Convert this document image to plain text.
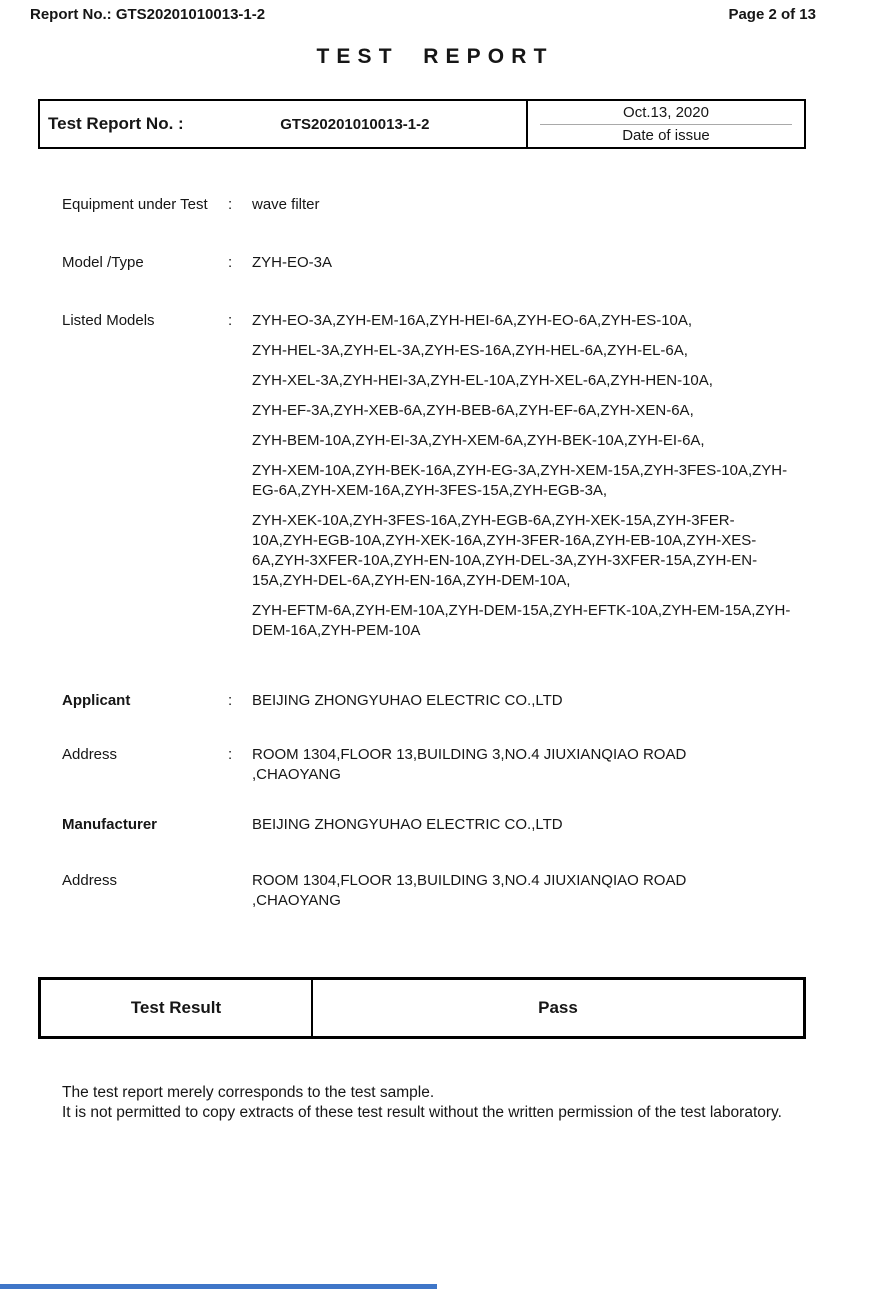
Report No.: GTS20201010013-1-2	Page 2 of 13
TEST REPORT
Test Report No. :	GTS20201010013-1-2
Oct.13, 2020
Date of issue
Equipment under Test	:	wave filter
Model /Type	:	ZYH-EO-3A
Listed Models	:	ZYH-EO-3A,ZYH-EM-16A,ZYH-HEI-6A,ZYH-EO-6A,ZYH-ES-10A,

ZYH-HEL-3A,ZYH-EL-3A,ZYH-ES-16A,ZYH-HEL-6A,ZYH-EL-6A,

ZYH-XEL-3A,ZYH-HEI-3A,ZYH-EL-10A,ZYH-XEL-6A,ZYH-HEN-10A,

ZYH-EF-3A,ZYH-XEB-6A,ZYH-BEB-6A,ZYH-EF-6A,ZYH-XEN-6A,

ZYH-BEM-10A,ZYH-EI-3A,ZYH-XEM-6A,ZYH-BEK-10A,ZYH-EI-6A,

ZYH-XEM-10A,ZYH-BEK-16A,ZYH-EG-3A,ZYH-XEM-15A,ZYH-3FES-10A,ZYH-EG-6A,ZYH-XEM-16A,ZYH-3FES-15A,ZYH-EGB-3A,

ZYH-XEK-10A,ZYH-3FES-16A,ZYH-EGB-6A,ZYH-XEK-15A,ZYH-3FER-10A,ZYH-EGB-10A,ZYH-XEK-16A,ZYH-3FER-16A,ZYH-EB-10A,ZYH-XES-6A,ZYH-3XFER-10A,ZYH-EN-10A,ZYH-DEL-3A,ZYH-3XFER-15A,ZYH-EN-15A,ZYH-DEL-6A,ZYH-EN-16A,ZYH-DEM-10A,

ZYH-EFTM-6A,ZYH-EM-10A,ZYH-DEM-15A,ZYH-EFTK-10A,ZYH-EM-15A,ZYH-DEM-16A,ZYH-PEM-10A

Applicant	:	BEIJING ZHONGYUHAO ELECTRIC CO.,LTD
Address	:	ROOM 1304,FLOOR 13,BUILDING 3,NO.4 JIUXIANQIAO ROAD ,CHAOYANG
Manufacturer	BEIJING ZHONGYUHAO ELECTRIC CO.,LTD
Address	ROOM 1304,FLOOR 13,BUILDING 3,NO.4 JIUXIANQIAO ROAD ,CHAOYANG
Test Result	Pass

The test report merely corresponds to the test sample.

It is not permitted to copy extracts of these test result without the written permission of the test laboratory.
